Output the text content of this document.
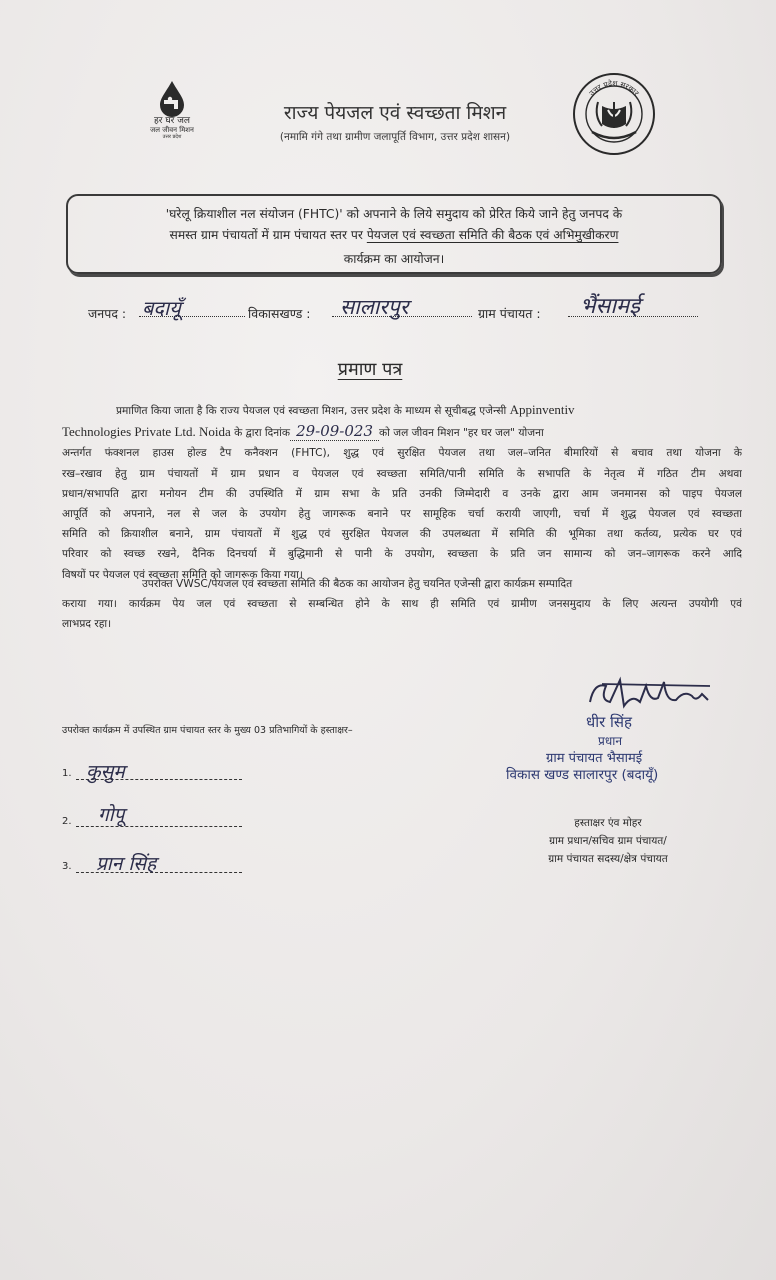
हर घर जल
जल जीवन मिशन
उत्तर प्रदेश
राज्य पेयजल एवं स्वच्छता मिशन
(नमामि गंगे तथा ग्रामीण जलापूर्ति विभाग, उत्तर प्रदेश शासन)
उत्तर प्रदेश सरकार

'घरेलू क्रियाशील नल संयोजन (FHTC)' को अपनाने के लिये समुदाय को प्रेरित किये जाने हेतु जनपद के

समस्त ग्राम पंचायतों में ग्राम पंचायत स्तर पर पेयजल एवं स्वच्छता समिति की बैठक एवं अभिमुखीकरण

कार्यक्रम का आयोजन।

जनपद : बदायूँ	विकासखण्ड : सालारपुर	ग्राम पंचायत : भैंसामई
प्रमाण पत्र
प्रमाणित किया जाता है कि राज्य पेयजल एवं स्वच्छता मिशन, उत्तर प्रदेश के माध्यम से सूचीबद्ध एजेन्सी Appinventiv
Technologies Private Ltd. Noida के द्वारा दिनांक 29-09-023 को जल जीवन मिशन "हर घर जल" योजना
अन्तर्गत फंक्शनल हाउस होल्ड टैप कनैक्शन (FHTC), शुद्ध एवं सुरक्षित पेयजल तथा जल–जनित बीमारियों से बचाव तथा योजना के
रख–रखाव हेतु ग्राम पंचायतों में ग्राम प्रधान व पेयजल एवं स्वच्छता समिति/पानी समिति के सभापति के नेतृत्व में गठित टीम अथवा
प्रधान/सभापति द्वारा मनोयन टीम की उपस्थिति में ग्राम सभा के प्रति उनकी जिम्मेदारी व उनके द्वारा आम जनमानस को पाइप पेयजल
आपूर्ति को अपनाने, नल से जल के उपयोग हेतु जागरूक बनाने पर सामूहिक चर्चा करायी जाएगी, चर्चा में शुद्ध पेयजल एवं स्वच्छता
समिति को क्रियाशील बनाने, ग्राम पंचायतों में शुद्ध एवं सुरक्षित पेयजल की उपलब्धता में समिति की भूमिका तथा कर्तव्य, प्रत्येक घर एवं
परिवार को स्वच्छ रखने, दैनिक दिनचर्या में बुद्धिमानी से पानी के उपयोग, स्वच्छता के प्रति जन सामान्य को जन–जागरूक करने आदि
विषयों पर पेयजल एवं स्वच्छता समिति को जागरूक किया गया।
उपरोक्त VWSC/पेयजल एवं स्वच्छता समिति की बैठक का आयोजन हेतु चयनित एजेन्सी द्वारा कार्यक्रम सम्पादित
कराया गया। कार्यक्रम पेय जल एवं स्वच्छता से सम्बन्धित होने के साथ ही समिति एवं ग्रामीण जनसमुदाय के लिए अत्यन्त उपयोगी एवं
लाभप्रद रहा।
धीर सिंह
धीर सिंह
प्रधान
ग्राम पंचायत भैसामई
विकास खण्ड सालारपुर (बदायूँ)
हस्ताक्षर एंव मोहर
ग्राम प्रधान/सचिव ग्राम पंचायत/
ग्राम पंचायत सदस्य/क्षेत्र पंचायत
उपरोक्त कार्यक्रम में उपस्थित ग्राम पंचायत स्तर के मुख्य 03 प्रतिभागियों के हस्ताक्षर–
1. कुसुम
2. गोपू
3. प्रान सिंह
